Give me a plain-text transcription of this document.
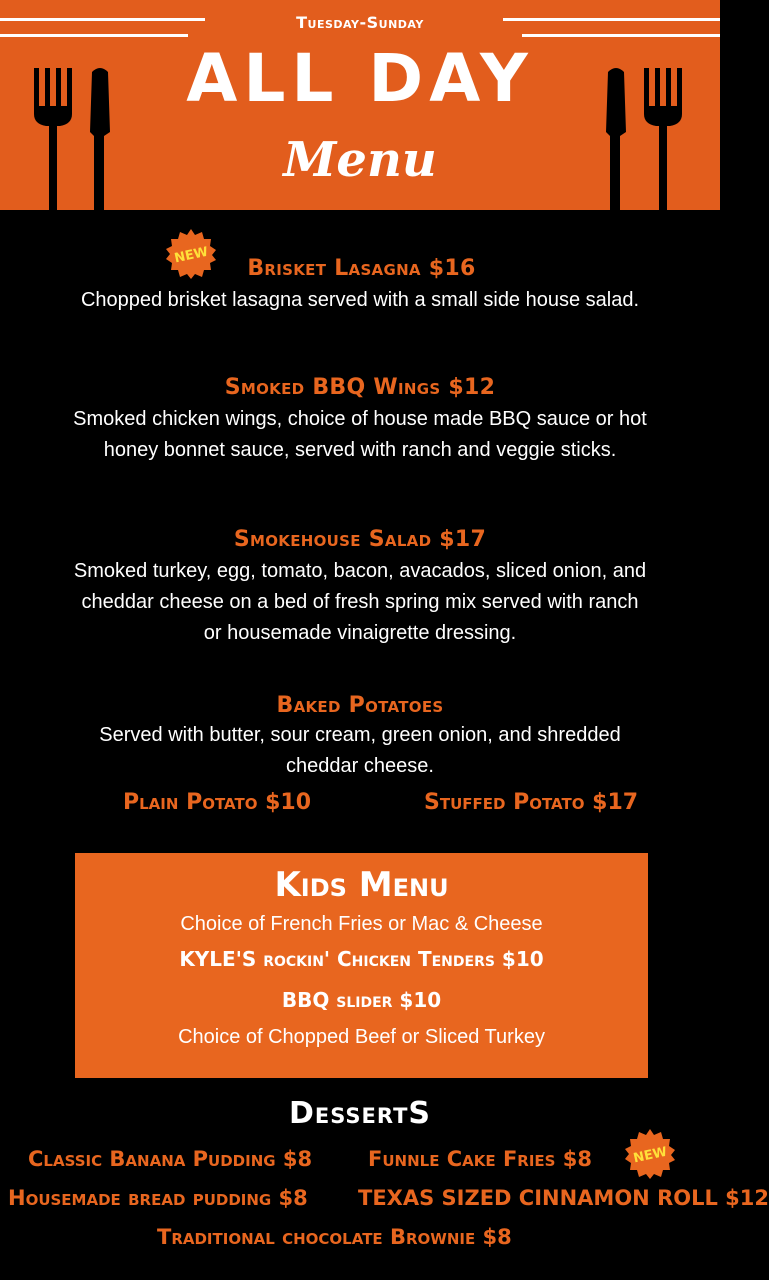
Tuesday-Sunday
ALL DAY
Menu
NEW
Brisket Lasagna $16
Chopped brisket lasagna served with a small side house salad.
Smoked BBQ Wings $12
Smoked chicken wings, choice of house made BBQ sauce or hot honey bonnet sauce, served with ranch and veggie sticks.
Smokehouse Salad $17
Smoked turkey, egg, tomato, bacon, avacados, sliced onion, and cheddar cheese on a bed of fresh spring mix served with ranch or housemade vinaigrette dressing.
Baked Potatoes
Served with butter, sour cream, green onion, and shredded cheddar cheese.
Plain Potato $10	Stuffed Potato $17
Kids Menu
Choice of French Fries or Mac & Cheese
KYLE'S rockin' Chicken Tenders $10
BBQ slider $10
Choice of Chopped Beef or Sliced Turkey
DessertS
Classic Banana Pudding $8	Funnle Cake Fries $8	NEW
Housemade bread pudding $8 TEXAS SIZED CINNAMON ROLL $12
Traditional chocolate Brownie $8
